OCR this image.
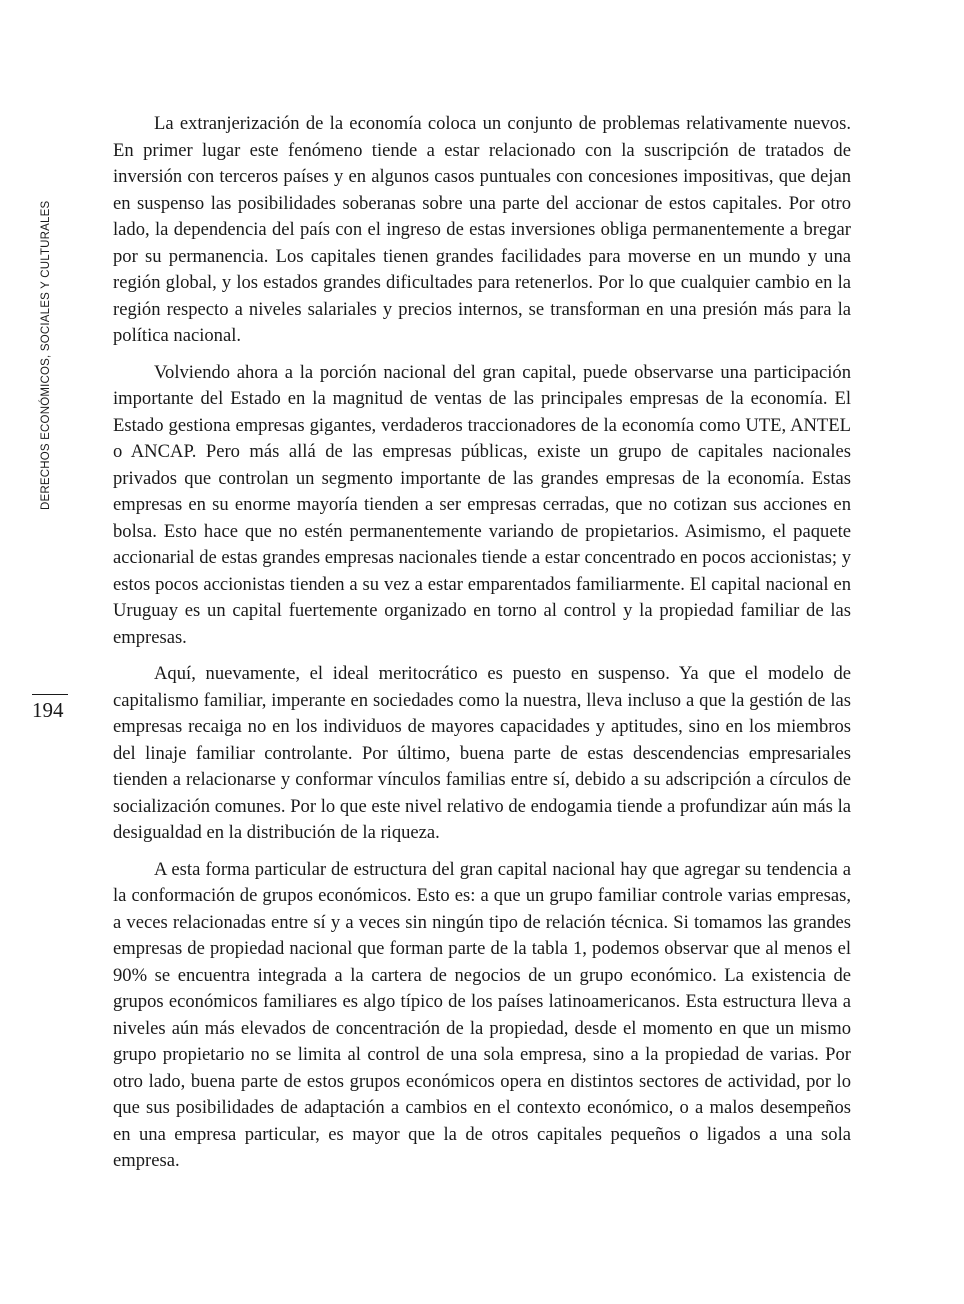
DERECHOS ECONÓMICOS, SOCIALES Y CULTURALES
194

La extranjerización de la economía coloca un conjunto de problemas relativamente nuevos. En primer lugar este fenómeno tiende a estar relacionado con la suscripción de tratados de inversión con terceros países y en algunos casos puntuales con concesiones impositivas, que dejan en suspenso las posibilidades soberanas sobre una parte del accionar de estos capitales. Por otro lado, la dependencia del país con el ingreso de estas inversiones obliga permanentemente a bregar por su permanencia. Los capitales tienen grandes facilidades para moverse en un mundo y una región global, y los estados grandes dificultades para retenerlos. Por lo que cualquier cambio en la región respecto a niveles salariales y precios internos, se transforman en una presión más para la política nacional.

Volviendo ahora a la porción nacional del gran capital, puede observarse una participación importante del Estado en la magnitud de ventas de las principales empresas de la economía. El Estado gestiona empresas gigantes, verdaderos traccionadores de la economía como UTE, ANTEL o ANCAP. Pero más allá de las empresas públicas, existe un grupo de capitales nacionales privados que controlan un segmento importante de las grandes empresas de la economía. Estas empresas en su enorme mayoría tienden a ser empresas cerradas, que no cotizan sus acciones en bolsa. Esto hace que no estén permanentemente variando de propietarios. Asimismo, el paquete accionarial de estas grandes empresas nacionales tiende a estar concentrado en pocos accionistas; y estos pocos accionistas tienden a su vez a estar emparentados familiarmente. El capital nacional en Uruguay es un capital fuertemente organizado en torno al control y la propiedad familiar de las empresas.

Aquí, nuevamente, el ideal meritocrático es puesto en suspenso. Ya que el modelo de capitalismo familiar, imperante en sociedades como la nuestra, lleva incluso a que la gestión de las empresas recaiga no en los individuos de mayores capacidades y aptitudes, sino en los miembros del linaje familiar controlante. Por último, buena parte de estas descendencias empresariales tienden a relacionarse y conformar vínculos familias entre sí, debido a su adscripción a círculos de socialización comunes. Por lo que este nivel relativo de endogamia tiende a profundizar aún más la desigualdad en la distribución de la riqueza.

A esta forma particular de estructura del gran capital nacional hay que agregar su tendencia a la conformación de grupos económicos. Esto es: a que un grupo familiar controle varias empresas, a veces relacionadas entre sí y a veces sin ningún tipo de relación técnica. Si tomamos las grandes empresas de propiedad nacional que forman parte de la tabla 1, podemos observar que al menos el 90% se encuentra integrada a la cartera de negocios de un grupo económico. La existencia de grupos económicos familiares es algo típico de los países latinoamericanos. Esta estructura lleva a niveles aún más elevados de concentración de la propiedad, desde el momento en que un mismo grupo propietario no se limita al control de una sola empresa, sino a la propiedad de varias. Por otro lado, buena parte de estos grupos económicos opera en distintos sectores de actividad, por lo que sus posibilidades de adaptación a cambios en el contexto económico, o a malos desempeños en una empresa particular, es mayor que la de otros capitales pequeños o ligados a una sola empresa.
